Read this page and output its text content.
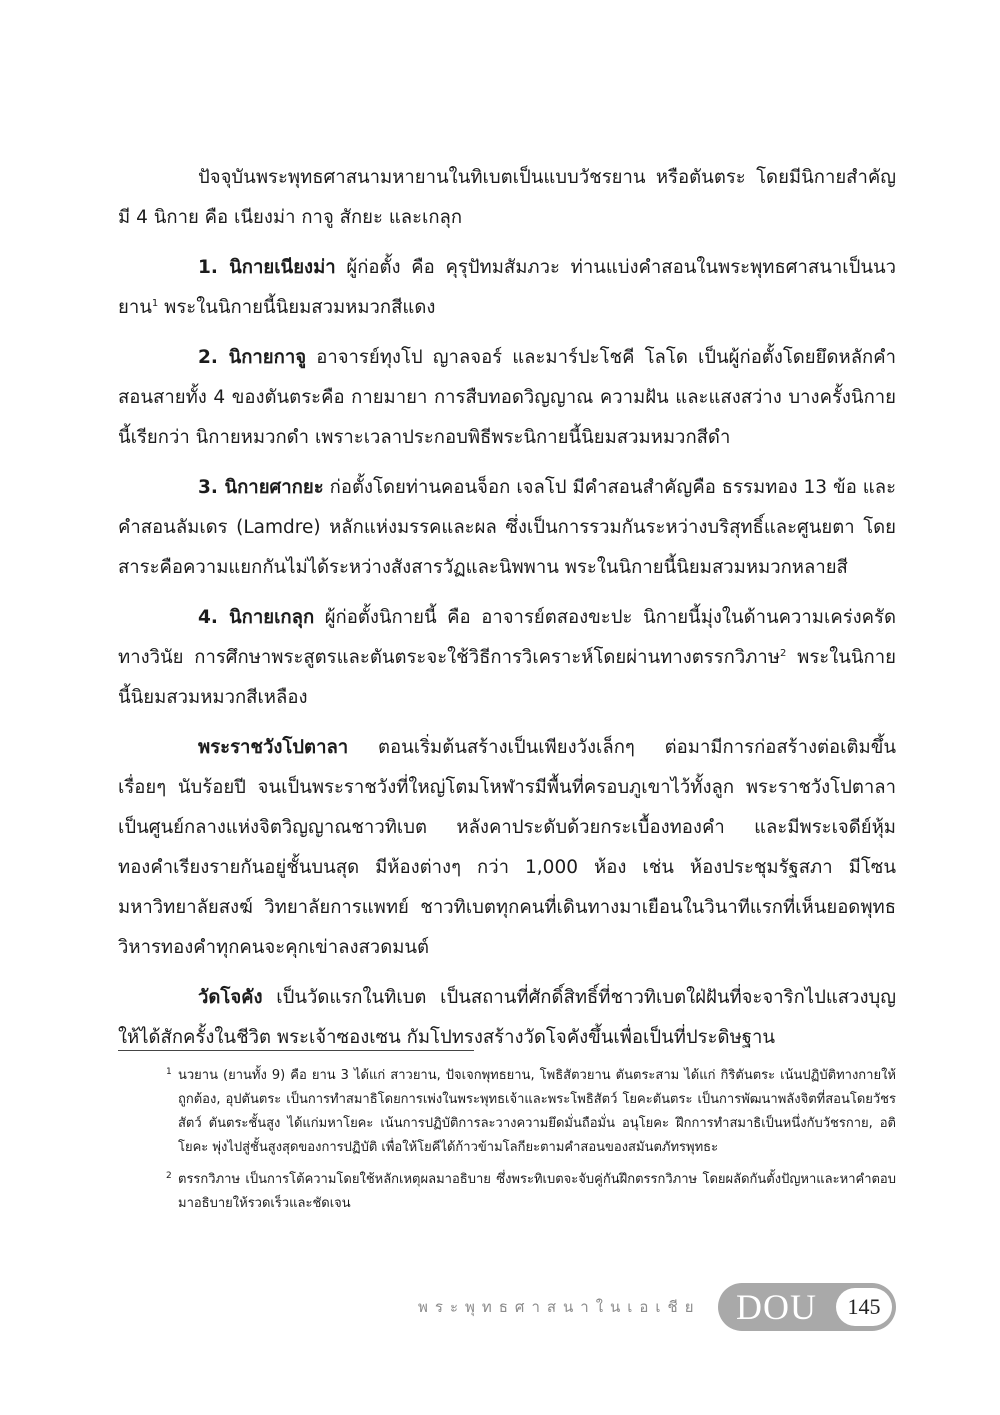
ปัจจุบันพระพุทธศาสนามหายานในทิเบตเป็นแบบวัชรยาน หรือตันตระ โดยมีนิกายสำคัญมี 4 นิกาย คือ เนียงม่า กาจู สักยะ และเกลุก

1. นิกายเนียงม่า ผู้ก่อตั้ง คือ คุรุปัทมสัมภวะ ท่านแบ่งคำสอนในพระพุทธศาสนาเป็นนวยาน$^1$ พระในนิกายนี้นิยมสวมหมวกสีแดง

2. นิกายกาจู อาจารย์ทุงโป ญาลจอร์ และมาร์ปะโชคี โลโด เป็นผู้ก่อตั้งโดยยึดหลักคำสอนสายทั้ง 4 ของตันตระคือ กายมายา การสืบทอดวิญญาณ ความฝัน และแสงสว่าง บางครั้งนิกายนี้เรียกว่า นิกายหมวกดำ เพราะเวลาประกอบพิธีพระนิกายนี้นิยมสวมหมวกสีดำ

3. นิกายศากยะ ก่อตั้งโดยท่านคอนจ็อก เจลโป มีคำสอนสำคัญคือ ธรรมทอง 13 ข้อ และคำสอนลัมเดร (Lamdre) หลักแห่งมรรคและผล ซึ่งเป็นการรวมกันระหว่างบริสุทธิ์และศูนยตา โดยสาระคือความแยกกันไม่ได้ระหว่างสังสารวัฏและนิพพาน พระในนิกายนี้นิยมสวมหมวกหลายสี

4. นิกายเกลุก ผู้ก่อตั้งนิกายนี้ คือ อาจารย์ตสองขะปะ นิกายนี้มุ่งในด้านความเคร่งครัดทางวินัย การศึกษาพระสูตรและตันตระจะใช้วิธีการวิเคราะห์โดยผ่านทางตรรกวิภาษ$^2$ พระในนิกายนี้นิยมสวมหมวกสีเหลือง

พระราชวังโปตาลา ตอนเริ่มต้นสร้างเป็นเพียงวังเล็กๆ ต่อมามีการก่อสร้างต่อเติมขึ้นเรื่อยๆ นับร้อยปี จนเป็นพระราชวังที่ใหญ่โตมโหฬารมีพื้นที่ครอบภูเขาไว้ทั้งลูก พระราชวังโปตาลาเป็นศูนย์กลางแห่งจิตวิญญาณชาวทิเบต หลังคาประดับด้วยกระเบื้องทองคำ และมีพระเจดีย์หุ้มทองคำเรียงรายกันอยู่ชั้นบนสุด มีห้องต่างๆ กว่า 1,000 ห้อง เช่น ห้องประชุมรัฐสภา มีโซนมหาวิทยาลัยสงฆ์ วิทยาลัยการแพทย์ ชาวทิเบตทุกคนที่เดินทางมาเยือนในวินาทีแรกที่เห็นยอดพุทธวิหารทองคำทุกคนจะคุกเข่าลงสวดมนต์

วัดโจคัง เป็นวัดแรกในทิเบต เป็นสถานที่ศักดิ์สิทธิ์ที่ชาวทิเบตใฝ่ฝันที่จะจาริกไปแสวงบุญให้ได้สักครั้งในชีวิต พระเจ้าซองเซน กัมโปทรงสร้างวัดโจคังขึ้นเพื่อเป็นที่ประดิษฐาน

1 นวยาน (ยานทั้ง 9) คือ ยาน 3 ได้แก่ สาวยาน, ปัจเจกพุทธยาน, โพธิสัตวยาน ตันตระสาม ได้แก่ กิริตันตระ เน้นปฏิบัติทางกายให้ถูกต้อง, อุปตันตระ เป็นการทำสมาธิโดยการเพ่งในพระพุทธเจ้าและพระโพธิสัตว์ โยคะตันตระ เป็นการพัฒนาพลังจิตที่สอนโดยวัชรสัตว์ ตันตระชั้นสูง ได้แก่มหาโยคะ เน้นการปฏิบัติการละวางความยึดมั่นถือมั่น อนุโยคะ ฝึกการทำสมาธิเป็นหนึ่งกับวัชรกาย, อติโยคะ พุ่งไปสู่ชั้นสูงสุดของการปฏิบัติ เพื่อให้โยคีได้ก้าวข้ามโลกียะตามคำสอนของสมันตภัทรพุทธะ

2 ตรรกวิภาษ เป็นการโต้ความโดยใช้หลักเหตุผลมาอธิบาย ซึ่งพระทิเบตจะจับคู่กันฝึกตรรกวิภาษ โดยผลัดกันตั้งปัญหาและหาคำตอบมาอธิบายให้รวดเร็วและชัดเจน

พระพุทธศาสนาในเอเชีย DOU	145
